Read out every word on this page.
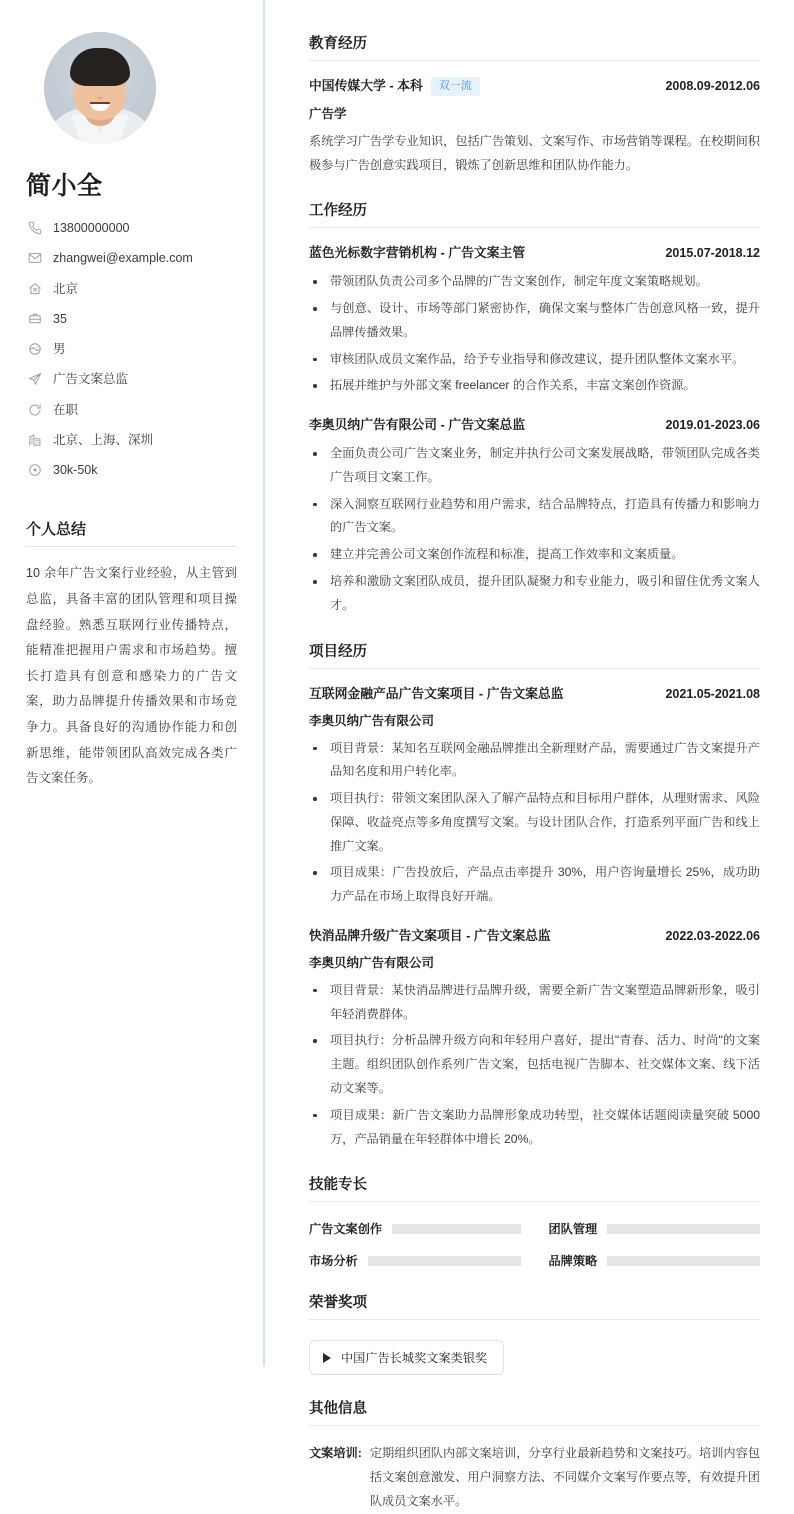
简小全
13800000000
zhangwei@example.com
北京
35
男
广告文案总监
在职
北京、上海、深圳
30k-50k
个人总结
10 余年广告文案行业经验，从主管到总监，具备丰富的团队管理和项目操盘经验。熟悉互联网行业传播特点，能精准把握用户需求和市场趋势。擅长打造具有创意和感染力的广告文案，助力品牌提升传播效果和市场竞争力。具备良好的沟通协作能力和创新思维，能带领团队高效完成各类广告文案任务。
教育经历
中国传媒大学 - 本科	双一流	2008.09-2012.06
广告学
系统学习广告学专业知识，包括广告策划、文案写作、市场营销等课程。在校期间积极参与广告创意实践项目，锻炼了创新思维和团队协作能力。
工作经历
蓝色光标数字营销机构 - 广告文案主管	2015.07-2018.12
带领团队负责公司多个品牌的广告文案创作，制定年度文案策略规划。
与创意、设计、市场等部门紧密协作，确保文案与整体广告创意风格一致，提升品牌传播效果。
审核团队成员文案作品，给予专业指导和修改建议，提升团队整体文案水平。
拓展并维护与外部文案 freelancer 的合作关系，丰富文案创作资源。
李奥贝纳广告有限公司 - 广告文案总监	2019.01-2023.06
全面负责公司广告文案业务，制定并执行公司文案发展战略，带领团队完成各类广告项目文案工作。
深入洞察互联网行业趋势和用户需求，结合品牌特点，打造具有传播力和影响力的广告文案。
建立并完善公司文案创作流程和标准，提高工作效率和文案质量。
培养和激励文案团队成员，提升团队凝聚力和专业能力，吸引和留住优秀文案人才。
项目经历
互联网金融产品广告文案项目 - 广告文案总监	2021.05-2021.08
李奥贝纳广告有限公司
项目背景：某知名互联网金融品牌推出全新理财产品，需要通过广告文案提升产品知名度和用户转化率。
项目执行：带领文案团队深入了解产品特点和目标用户群体，从理财需求、风险保障、收益亮点等多角度撰写文案。与设计团队合作，打造系列平面广告和线上推广文案。
项目成果：广告投放后，产品点击率提升 30%，用户咨询量增长 25%，成功助力产品在市场上取得良好开端。
快消品牌升级广告文案项目 - 广告文案总监	2022.03-2022.06
李奥贝纳广告有限公司
项目背景：某快消品牌进行品牌升级，需要全新广告文案塑造品牌新形象，吸引年轻消费群体。
项目执行：分析品牌升级方向和年轻用户喜好，提出"青春、活力、时尚"的文案主题。组织团队创作系列广告文案，包括电视广告脚本、社交媒体文案、线下活动文案等。
项目成果：新广告文案助力品牌形象成功转型，社交媒体话题阅读量突破 5000 万，产品销量在年轻群体中增长 20%。
技能专长
广告文案创作	团队管理
市场分析	品牌策略
荣誉奖项
中国广告长城奖文案类银奖
其他信息
文案培训: 定期组织团队内部文案培训，分享行业最新趋势和文案技巧。培训内容包括文案创意激发、用户洞察方法、不同媒介文案写作要点等，有效提升团队成员文案水平。
